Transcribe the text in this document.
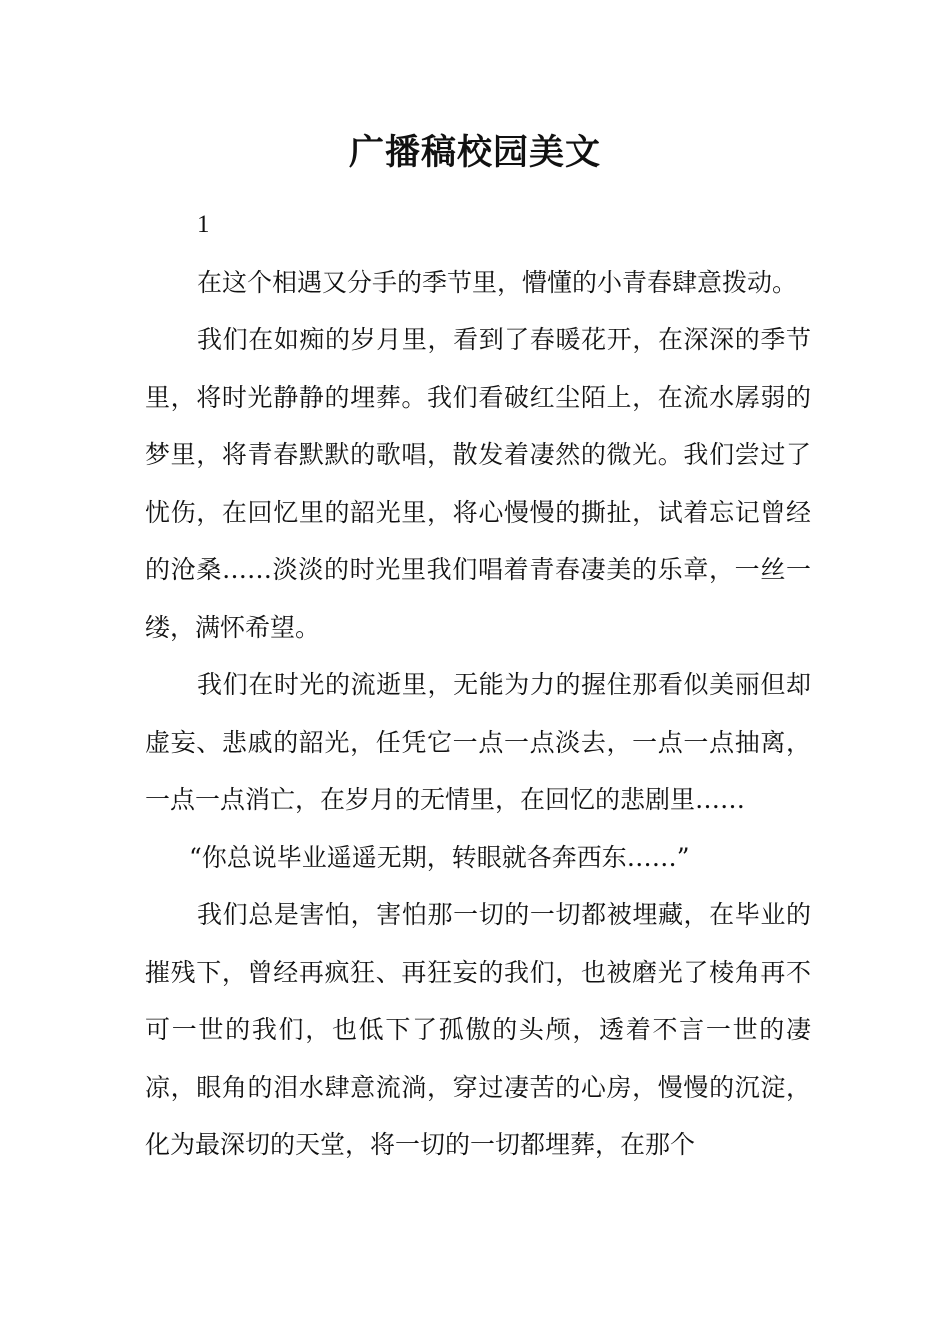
广播稿校园美文

1

在这个相遇又分手的季节里，懵懂的小青春肆意拨动。

我们在如痴的岁月里，看到了春暖花开，在深深的季节里，将时光静静的埋葬。我们看破红尘陌上，在流水孱弱的梦里，将青春默默的歌唱，散发着凄然的微光。我们尝过了忧伤，在回忆里的韶光里，将心慢慢的撕扯，试着忘记曾经的沧桑……淡淡的时光里我们唱着青春凄美的乐章，一丝一缕，满怀希望。

我们在时光的流逝里，无能为力的握住那看似美丽但却虚妄、悲戚的韶光，任凭它一点一点淡去，一点一点抽离，一点一点消亡，在岁月的无情里，在回忆的悲剧里……

“你总说毕业遥遥无期，转眼就各奔西东……”

我们总是害怕，害怕那一切的一切都被埋藏，在毕业的摧残下，曾经再疯狂、再狂妄的我们，也被磨光了棱角再不可一世的我们，也低下了孤傲的头颅，透着不言一世的凄凉，眼角的泪水肆意流淌，穿过凄苦的心房，慢慢的沉淀，化为最深切的天堂，将一切的一切都埋葬，在那个
